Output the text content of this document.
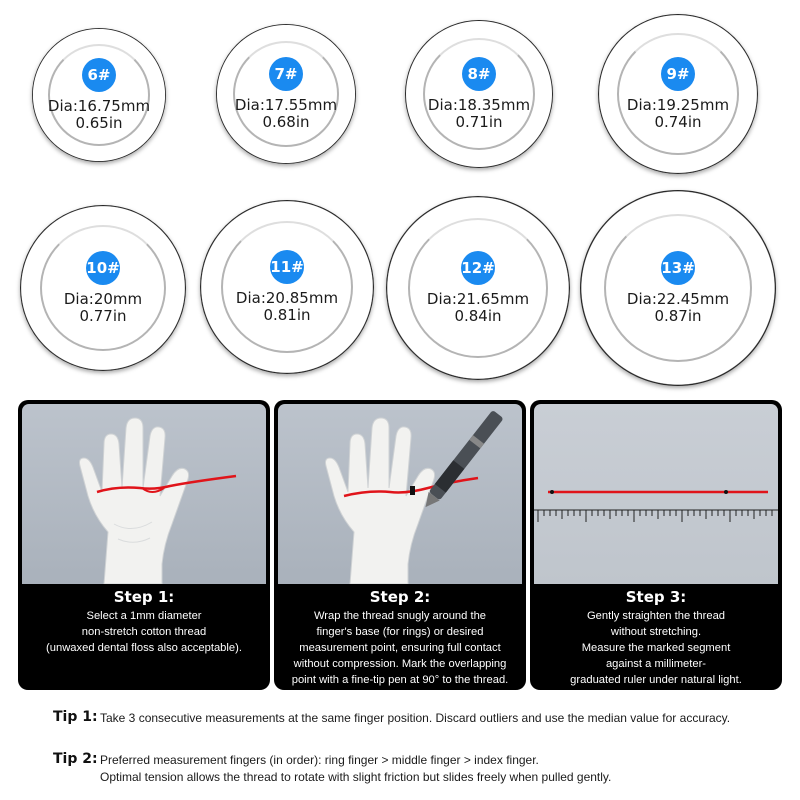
6#
Dia:16.75mm
0.65in
7#
Dia:17.55mm
0.68in
8#
Dia:18.35mm
0.71in
9#
Dia:19.25mm
0.74in
10#
Dia:20mm
0.77in
11#
Dia:20.85mm
0.81in
12#
Dia:21.65mm
0.84in
13#
Dia:22.45mm
0.87in
Step 1:
Select a 1mm diameter
non-stretch cotton thread
(unwaxed dental floss also acceptable).
Step 2:
Wrap the thread snugly around the
finger's base (for rings) or desired
measurement point, ensuring full contact
without compression. Mark the overlapping
point with a fine-tip pen at 90° to the thread.
Step 3:
Gently straighten the thread
without stretching.
Measure the marked segment
against a millimeter-
graduated ruler under natural light.
Tip 1: Take 3 consecutive measurements at the same finger position. Discard outliers and use the median value for accuracy.
Tip 2: Preferred measurement fingers (in order): ring finger > middle finger > index finger.
Optimal tension allows the thread to rotate with slight friction but slides freely when pulled gently.
